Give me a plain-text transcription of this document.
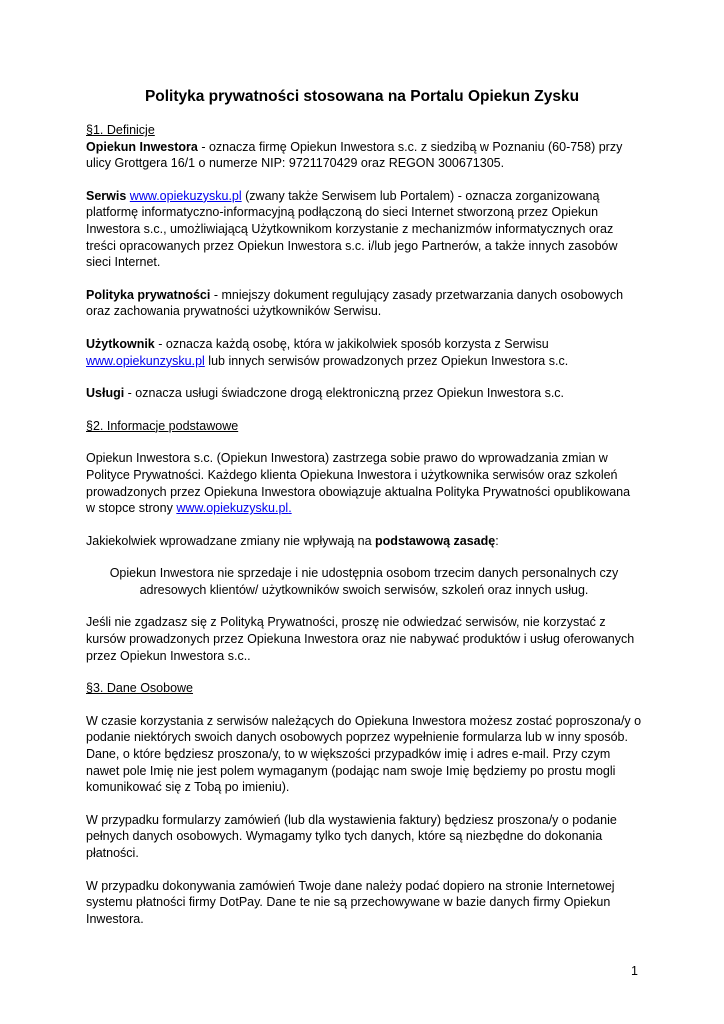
Polityka prywatności stosowana na Portalu Opiekun Zysku

§1. Definicje

Opiekun Inwestora - oznacza firmę Opiekun Inwestora s.c. z siedzibą w Poznaniu (60-758) przy ulicy Grottgera 16/1 o numerze NIP: 9721170429 oraz REGON 300671305.

Serwis www.opiekuzysku.pl (zwany także Serwisem lub Portalem) - oznacza zorganizowaną platformę informatyczno-informacyjną podłączoną do sieci Internet stworzoną przez Opiekun Inwestora s.c., umożliwiającą Użytkownikom korzystanie z mechanizmów informatycznych oraz treści opracowanych przez Opiekun Inwestora s.c. i/lub jego Partnerów, a także innych zasobów sieci Internet.

Polityka prywatności - mniejszy dokument regulujący zasady przetwarzania danych osobowych oraz zachowania prywatności użytkowników Serwisu.

Użytkownik - oznacza każdą osobę, która w jakikolwiek sposób korzysta z Serwisu www.opiekunzysku.pl lub innych serwisów prowadzonych przez Opiekun Inwestora s.c.

Usługi - oznacza usługi świadczone drogą elektroniczną przez Opiekun Inwestora s.c.

§2. Informacje podstawowe

Opiekun Inwestora s.c. (Opiekun Inwestora) zastrzega sobie prawo do wprowadzania zmian w Polityce Prywatności. Każdego klienta Opiekuna Inwestora i użytkownika serwisów oraz szkoleń prowadzonych przez Opiekuna Inwestora obowiązuje aktualna Polityka Prywatności opublikowana w stopce strony www.opiekuzysku.pl.

Jakiekolwiek wprowadzane zmiany nie wpływają na podstawową zasadę:

Opiekun Inwestora nie sprzedaje i nie udostępnia osobom trzecim danych personalnych czy adresowych klientów/ użytkowników swoich serwisów, szkoleń oraz innych usług.

Jeśli nie zgadzasz się z Polityką Prywatności, proszę nie odwiedzać serwisów, nie korzystać z kursów prowadzonych przez Opiekuna Inwestora oraz nie nabywać produktów i usług oferowanych przez Opiekun Inwestora s.c..

§3. Dane Osobowe

W czasie korzystania z serwisów należących do Opiekuna Inwestora możesz zostać poproszona/y o podanie niektórych swoich danych osobowych poprzez wypełnienie formularza lub w inny sposób. Dane, o które będziesz proszona/y, to w większości przypadków imię i adres e-mail. Przy czym nawet pole Imię nie jest polem wymaganym (podając nam swoje Imię będziemy po prostu mogli komunikować się z Tobą po imieniu).

W przypadku formularzy zamówień (lub dla wystawienia faktury) będziesz proszona/y o podanie pełnych danych osobowych. Wymagamy tylko tych danych, które są niezbędne do dokonania płatności.

W przypadku dokonywania zamówień Twoje dane należy podać dopiero na stronie Internetowej systemu płatności firmy DotPay. Dane te nie są przechowywane w bazie danych firmy Opiekun Inwestora.

1
